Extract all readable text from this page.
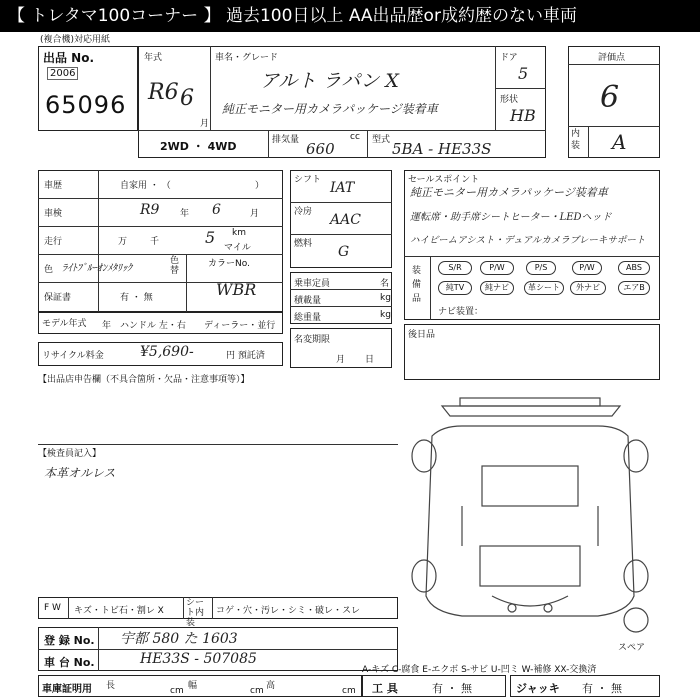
【 トレタマ100コーナー 】 過去100日以上 AA出品歴or成約歴のない車両
(複合機)対応用紙
出品 No.
2006
65096
年式
R6 6
月
車名・グレード
アルト ラパン X
純正モニター用カメラパッケージ装着車
ドア
5
形状
HB
2WD ・ 4WD	排気量	cc
660	型式 5BA - HE33S
評価点
6
内装 A
車歴	自家用 ・ （	）
車検	R9 年 6	月
走行	万	千	5 km
マイル
色 ﾗｲﾄﾌﾞﾙｰｵﾝﾒﾀﾘｯｸ
色替
カラーNo.
WBR
保証書	有 ・ 無
モデル年式 年 ハンドル 左・右 ディーラー・並行
シフト IAT
冷房 AAC
燃料 G
乗車定員	名
積載量	kg
総重量	kg
名変期限
月日
リサイクル料金	¥5,690-	円 預託済
セールスポイント
純正モニター用カメラパッケージ装着車
運転席・助手席シートヒーター・LEDヘッド
ハイビームアシスト・デュアルカメラブレーキサポート
装備品
S/R	P/W	P/S	P/W	ABS
純TV	純ナビ	革シート	外ナビ	エアB
ナビ装置：
後日品
【出品店申告欄（不具合箇所・欠品・注意事項等）】
【検査員記入】
本革オルレス
スペア
F W キズ・トビ石・割レ X
シート内装
コゲ・穴・汚レ・シミ・破レ・スレ
登 録 No. 宇都 580 た 1603
車 台 No.	HE33S - 507085
A-キズ C-腐食 E-エクボ S-サビ U-凹ミ W-補修 XX-交換済
車庫証明用 長	cm 幅	cm 高	cm 工 具	有 ・ 無	ジャッキ 有 ・ 無
